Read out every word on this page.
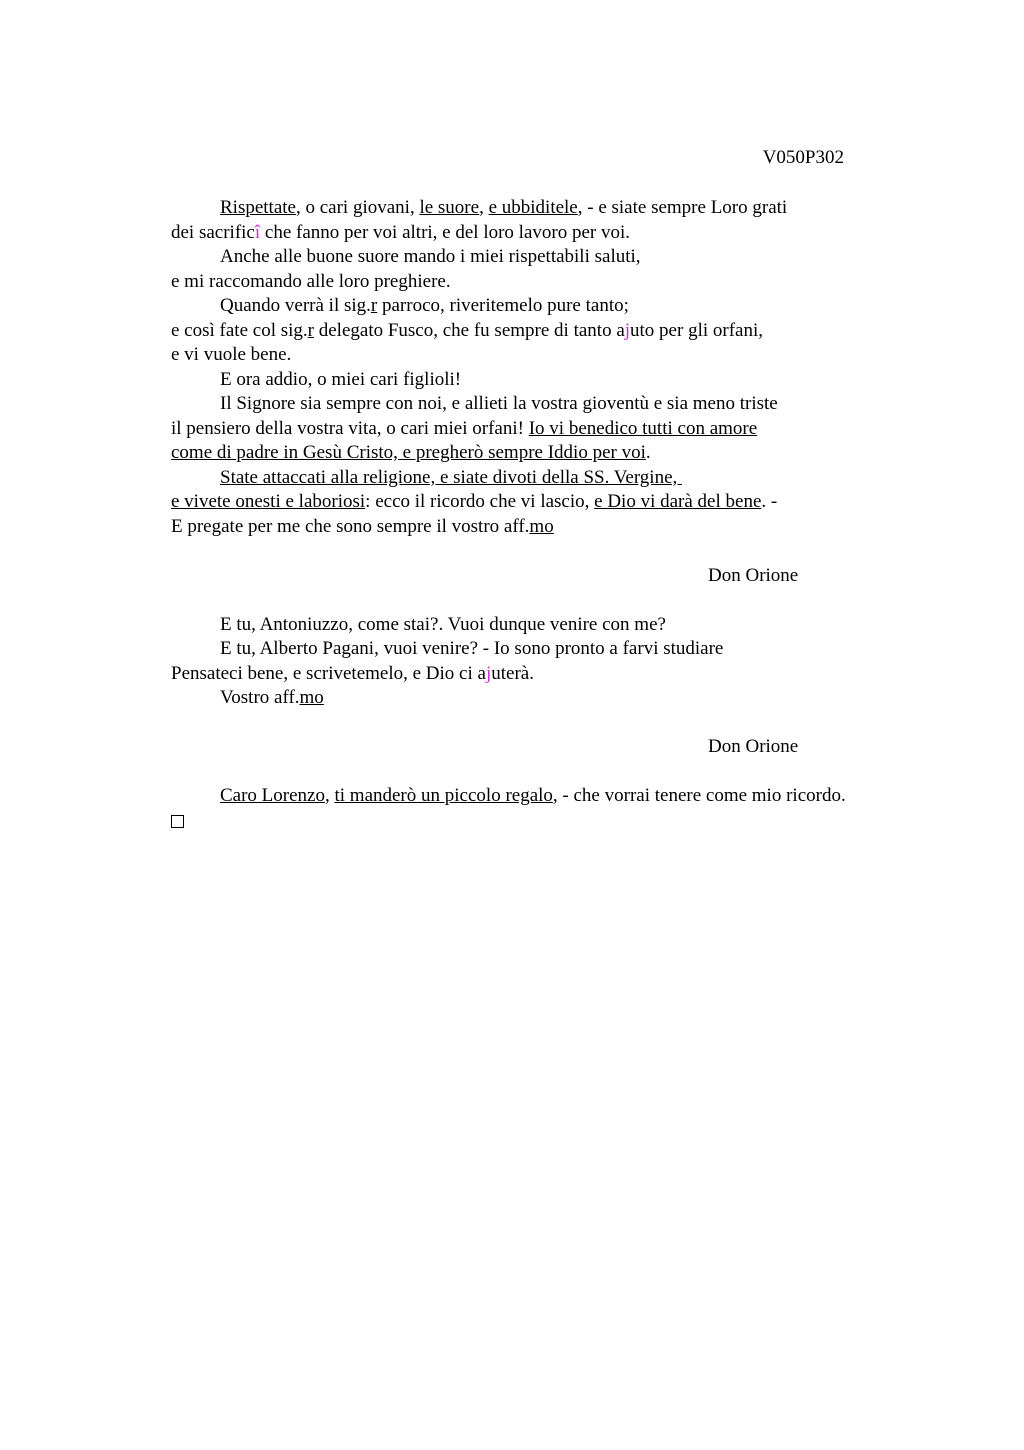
V050P302
Rispettate, o cari giovani, le suore, e ubbiditele, - e siate sempre Loro grati
dei sacrificî che fanno per voi altri, e del loro lavoro per voi.
Anche alle buone suore mando i miei rispettabili saluti,
e mi raccomando alle loro preghiere.
Quando verrà il sig.r parroco, riveritemelo pure tanto;
e così fate col sig.r delegato Fusco, che fu sempre di tanto ajuto per gli orfani,
e vi vuole bene.
E ora addio, o miei cari figlioli!
Il Signore sia sempre con noi, e allieti la vostra gioventù e sia meno triste
il pensiero della vostra vita, o cari miei orfani! Io vi benedico tutti con amore
come di padre in Gesù Cristo, e pregherò sempre Iddio per voi.
State attaccati alla religione, e siate divoti della SS. Vergine,
e vivete onesti e laboriosi: ecco il ricordo che vi lascio, e Dio vi darà del bene. -
E pregate per me che sono sempre il vostro aff.mo
Don Orione
E tu, Antoniuzzo, come stai?. Vuoi dunque venire con me?
E tu, Alberto Pagani, vuoi venire? - Io sono pronto a farvi studiare
Pensateci bene, e scrivetemelo, e Dio ci ajuterà.
Vostro aff.mo
Don Orione
Caro Lorenzo, ti manderò un piccolo regalo, - che vorrai tenere come mio ricordo.
